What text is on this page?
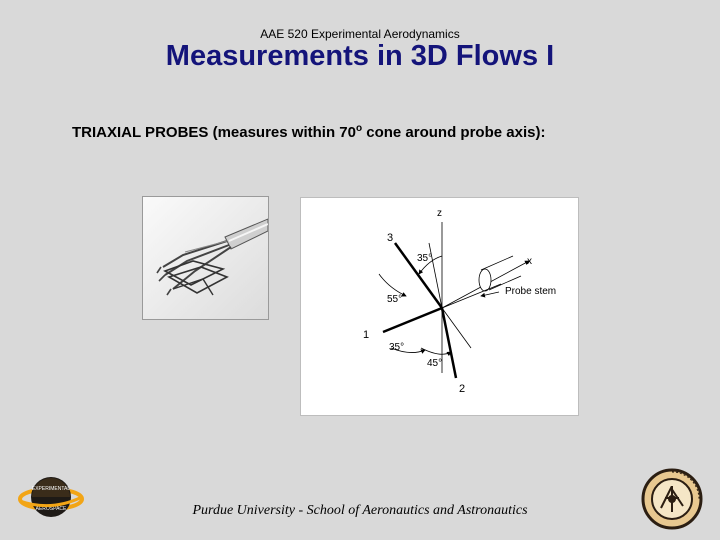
AAE 520 Experimental Aerodynamics
Measurements in 3D Flows I
TRIAXIAL PROBES (measures within 70$^o$ cone around probe axis):
z
x
3
1
2
Probe stem
35°
55°
35°
45°
EXPERIMENTAL
AEROSPACE	Purdue University - School of Aeronautics and Astronautics
